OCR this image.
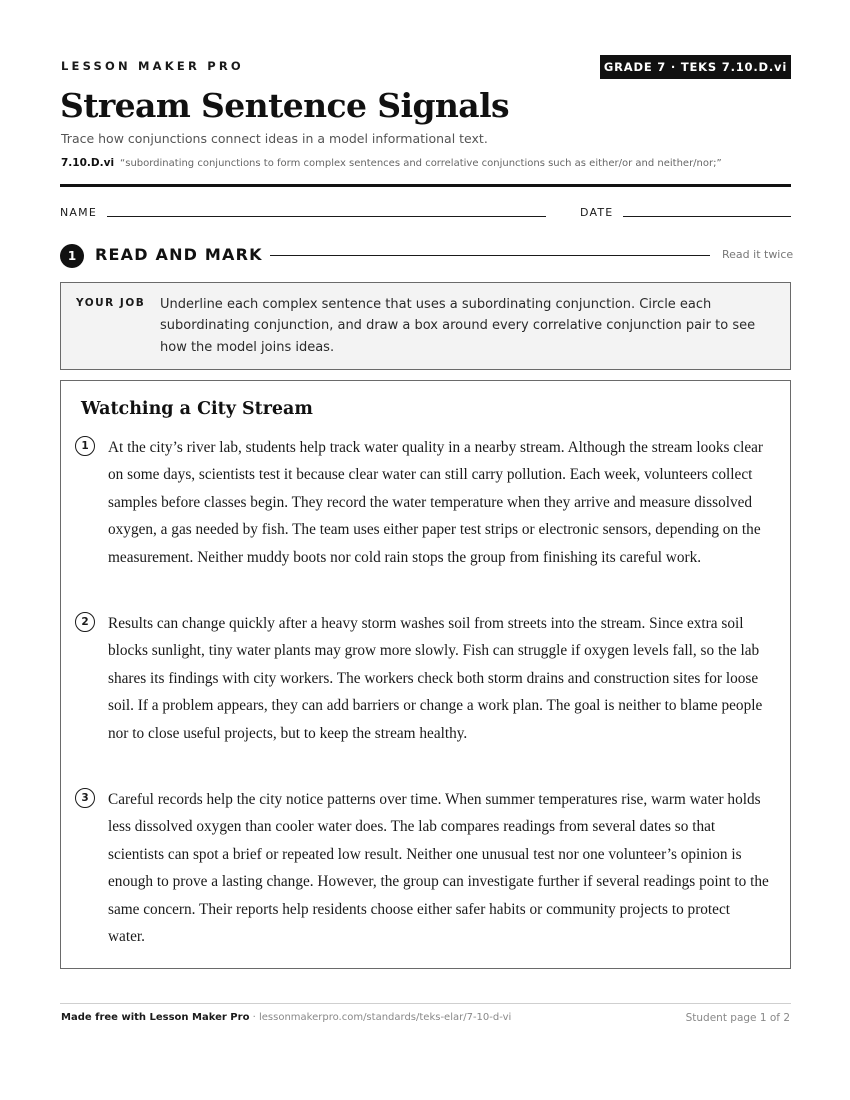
LESSON MAKER PRO	GRADE 7 · TEKS 7.10.D.vi
Stream Sentence Signals
Trace how conjunctions connect ideas in a model informational text.
7.10.D.vi “subordinating conjunctions to form complex sentences and correlative conjunctions such as either/or and neither/nor;”
NAME	DATE
1	READ AND MARK	Read it twice
YOUR JOB Underline each complex sentence that uses a subordinating conjunction. Circle each subordinating conjunction, and draw a box around every correlative conjunction pair to see how the model joins ideas.
Watching a City Stream
1	At the city’s river lab, students help track water quality in a nearby stream. Although the stream looks clear on some days, scientists test it because clear water can still carry pollution. Each week, volunteers collect samples before classes begin. They record the water temperature when they arrive and measure dissolved oxygen, a gas needed by fish. The team uses either paper test strips or electronic sensors, depending on the measurement. Neither muddy boots nor cold rain stops the group from finishing its careful work.
2	Results can change quickly after a heavy storm washes soil from streets into the stream. Since extra soil blocks sunlight, tiny water plants may grow more slowly. Fish can struggle if oxygen levels fall, so the lab shares its findings with city workers. The workers check both storm drains and construction sites for loose soil. If a problem appears, they can add barriers or change a work plan. The goal is neither to blame people nor to close useful projects, but to keep the stream healthy.
3	Careful records help the city notice patterns over time. When summer temperatures rise, warm water holds less dissolved oxygen than cooler water does. The lab compares readings from several dates so that scientists can spot a brief or repeated low result. Neither one unusual test nor one volunteer’s opinion is enough to prove a lasting change. However, the group can investigate further if several readings point to the same concern. Their reports help residents choose either safer habits or community projects to protect water.
Made free with Lesson Maker Pro · lessonmakerpro.com/standards/teks-elar/7-10-d-vi	Student page 1 of 2
